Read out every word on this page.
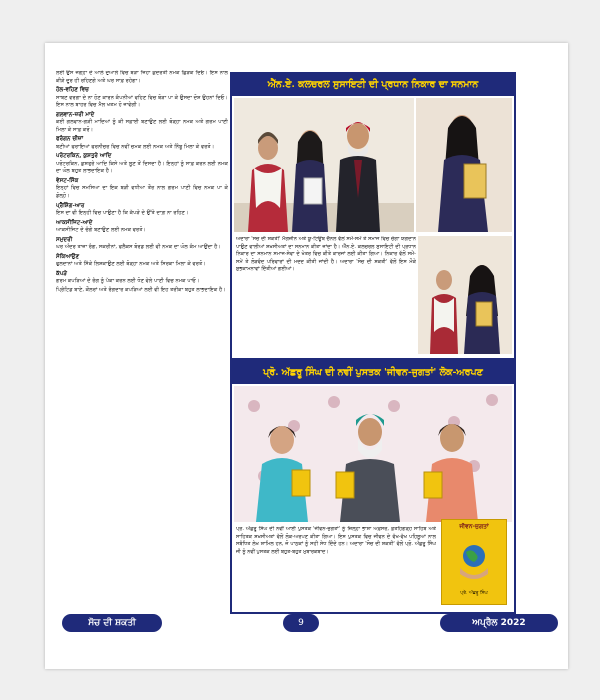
ਲਈ ਉਸ ਜਗ੍ਹਾ ਦੇ ਆਲੇ ਦੁਆਲੇ ਵਿਚ ਥੋੜਾ ਜਿਹਾ ਕੁਦਰਤੀ ਨਮਕ ਛਿੜਕ ਦਿਓ। ਇਸ ਨਾਲ ਕੀੜੇ ਦੂਰ ਹੀ ਰਹਿਣਗੇ ਅਤੇ ਘਰ ਸਾਫ਼ ਰਹੇਗਾ।

ਹੋਲ-ਵਹਿਣ ਵਿਚ

ਸਾਬਣ ਵਰਗਾ ਦੇ ਨਾ ਹੋਣ ਕਾਰਨ ਕੰਪਨੀਆਂ ਵਹਿਣ ਵਿਚ ਥੋੜਾ ਪਾ ਕੇ ਉਸਦਾ ਦੋਸ਼ ਉਹਨਾਂ ਦਿਓ। ਇਸ ਨਾਲ ਬਾਹਰ ਵਿਚ ਮੈਲ ਖਤਮ ਹੋ ਜਾਵੇਗੀ।

ਗਲਵਾਨ-ਜ਼ਰੀ ਮਾਦੇ

ਕਈ ਗਲਵਾਨ-ਗੜੀ ਮਾਦਿਆਂ ਨੂੰ ਕੀ ਸਫ਼ਾਈ ਬਣਾਉਣ ਲਈ ਥੋੜ੍ਹਾ ਨਮਕ ਅਤੇ ਗਰਮ ਪਾਣੀ ਮਿਲਾ ਕੇ ਸਾਫ਼ ਕਰੋ।

ਫਰੰਗਨ ਚੀਜ਼ਾਂ

ਬਣੀਆਂ ਫਰਾਇਆਂ ਫਰਨੀਚਰ ਵਿਚ ਨਵੀਂ ਚਮਕ ਲਈ ਨਮਕ ਅਤੇ ਨਿੰਬੂ ਮਿਲਾ ਕੇ ਵਰਤੋ।

ਪਰੋਟਰਕਿਨ, ਕੁਸ਼ਤੁਰੇ ਆਦਿ

ਪਰੋਟਰਕਿਨ, ਕੁਸ਼ਤੁਰੇ ਆਦਿ ਕਿਸੇ ਅਤੇ ਲੂਣ ਤੋਂ ਦਿਸਦਾ ਹੈ। ਇਨ੍ਹਾਂ ਨੂੰ ਸਾਫ਼ ਕਰਨ ਲਈ ਨਮਕ ਦਾ ਘੋਲ ਬਹੁਤ ਲਾਭਦਾਇਕ ਹੈ।

ਵੇਸਟ-ਸਿੰਕ

ਇਨ੍ਹਾਂ ਵਿਚ ਸਮਸਿਆ ਦਾ ਇਕ ਬੜੀ ਵਧੀਆ ਤੌਰ ਨਾਲ ਗਰਮ ਪਾਣੀ ਵਿਚ ਨਮਕ ਪਾ ਕੇ ਡੋਲ੍ਹੋ।

ਪ੍ਰੈਸ਼ਿੰਗ-ਆਰ

ਇਸ ਦਾ ਵੀ ਇਨ੍ਹੀ ਵਿਚ ਪਾਉਣਾ ਹੈ ਕਿ ਕੱਪੜੇ ਦੇ ਉੱਤੇ ਦਾਗ਼ ਨਾ ਰਹਿਣ।

ਆਕਸੀਜਿਟ-ਆਦੇ

ਆਕਸੀਜਿਟ ਦੇ ਚੰਗੇ ਬਣਾਉਣ ਲਈ ਨਮਕ ਵਰਤੋ।

ਸਮੁਦਰੀ

ਘਰ ਅੰਦਰ ਤਾਜ਼ਾ ਰੰਗ, ਸਕਰੀਨਾਂ, ਫਲੈਕਸ ਬੋਰਡ ਲਈ ਵੀ ਨਮਕ ਦਾ ਘੋਲ ਕੰਮ ਆਉਂਦਾ ਹੈ।

ਸੇਕਿਆਉਣ

ਫੁਲਦਾਨਾਂ ਅਤੇ ਸਿੱਕੇ ਲਿਸ਼ਕਾਉਣ ਲਈ ਥੋੜ੍ਹਾ ਨਮਕ ਅਤੇ ਸਿਰਕਾ ਮਿਲਾ ਕੇ ਵਰਤੋ।

ਕੱਪੜੇ

ਗਰਮ ਕਪੜਿਆਂ ਦੇ ਰੰਗ ਨੂੰ ਪੱਕਾ ਕਰਨ ਲਈ ਧੋਣ ਵੇਲੇ ਪਾਣੀ ਵਿਚ ਨਮਕ ਪਾਓ।

ਪ੍ਰਿੰਟਿਡ ਬਾਣੇ, ਕੌਲਰਾਂ ਅਤੇ ਰੰਗਦਾਰ ਕਪੜਿਆਂ ਲਈ ਵੀ ਇਹ ਤਰੀਕਾ ਬਹੁਤ ਲਾਭਦਾਇਕ ਹੈ।

ਐੱਨ.ਏ. ਕਲਚਰਲ ਸੁਸਾਇਟੀ ਦੀ ਪ੍ਰਧਾਨ ਨਿਕਾਰ ਦਾ ਸਨਮਾਨ
ਅਦਾਰਾ 'ਸੋਚ ਦੀ ਸ਼ਕਤੀ' ਮੈਗਜ਼ੀਨ ਅਤੇ ਯੂ-ਟਿਊਬ ਚੈਨਲ ਵੱਲੋਂ ਸਮੇਂ-ਸਮੇਂ ਤੇ ਸਮਾਜ ਵਿਚ ਚੰਗਾ ਯੋਗਦਾਨ ਪਾਉਣ ਵਾਲੀਆਂ ਸ਼ਖ਼ਸੀਅਤਾਂ ਦਾ ਸਨਮਾਨ ਕੀਤਾ ਜਾਂਦਾ ਹੈ। ਐੱਨ.ਏ. ਕਲਚਰਲ ਸੁਸਾਇਟੀ ਦੀ ਪ੍ਰਧਾਨ ਨਿਕਾਰ ਦਾ ਸਨਮਾਨ ਸਮਾਜ-ਸੇਵਾ ਦੇ ਖੇਤਰ ਵਿਚ ਕੀਤੇ ਕਾਰਜਾਂ ਲਈ ਕੀਤਾ ਗਿਆ। ਨਿਕਾਰ ਵੱਲੋਂ ਸਮੇਂ-ਸਮੇਂ ਤੇ ਲੋੜਵੰਦ ਪਰਿਵਾਰਾਂ ਦੀ ਮਦਦ ਕੀਤੀ ਜਾਂਦੀ ਹੈ। ਅਦਾਰਾ 'ਸੋਚ ਦੀ ਸ਼ਕਤੀ' ਵੱਲੋਂ ਇਸ ਮੌਕੇ ਸ਼ੁਭਕਾਮਨਾਵਾਂ ਦਿੱਤੀਆਂ ਗਈਆਂ।
ਪ੍ਰੋ. ਅੱਛਰੂ ਸਿੰਘ ਦੀ ਨਵੀਂ ਪੁਸਤਕ 'ਜੀਵਨ-ਜੁਗਤਾਂ' ਲੋਕ-ਅਰਪਣ
ਪ੍ਰੋ. ਅੱਛਰੂ ਸਿੰਘ ਦੀ ਨਵੀਂ ਆਈ ਪੁਸਤਕ 'ਜੀਵਨ-ਜੁਗਤਾਂ' ਨੂੰ ਜ਼ਿਲ੍ਹਾ ਭਾਸ਼ਾ ਅਫ਼ਸਰ, ਫ਼ਤਹਿਗੜ੍ਹ ਸਾਹਿਬ ਅਤੇ ਸਾਹਿਤਕ ਸ਼ਖ਼ਸੀਅਤਾਂ ਵੱਲੋਂ ਲੋਕ-ਅਰਪਣ ਕੀਤਾ ਗਿਆ। ਇਸ ਪੁਸਤਕ ਵਿਚ ਜੀਵਨ ਦੇ ਵੱਖ-ਵੱਖ ਪਹਿਲੂਆਂ ਨਾਲ ਸਬੰਧਿਤ ਲੇਖ ਸ਼ਾਮਿਲ ਹਨ, ਜੋ ਪਾਠਕਾਂ ਨੂੰ ਸਹੀ ਸੇਧ ਦਿੰਦੇ ਹਨ। ਅਦਾਰਾ 'ਸੋਚ ਦੀ ਸ਼ਕਤੀ' ਵੱਲੋਂ ਪ੍ਰੋ. ਅੱਛਰੂ ਸਿੰਘ ਜੀ ਨੂੰ ਨਵੀਂ ਪੁਸਤਕ ਲਈ ਬਹੁਤ-ਬਹੁਤ ਮੁਬਾਰਕਬਾਦ।
ਜੀਵਨ-ਜੁਗਤਾਂ
ਪ੍ਰੋ. ਅੱਛਰੂ ਸਿੰਘ
ਸੋਚ ਦੀ ਸ਼ਕਤੀ	9	ਅਪ੍ਰੈਲ 2022
